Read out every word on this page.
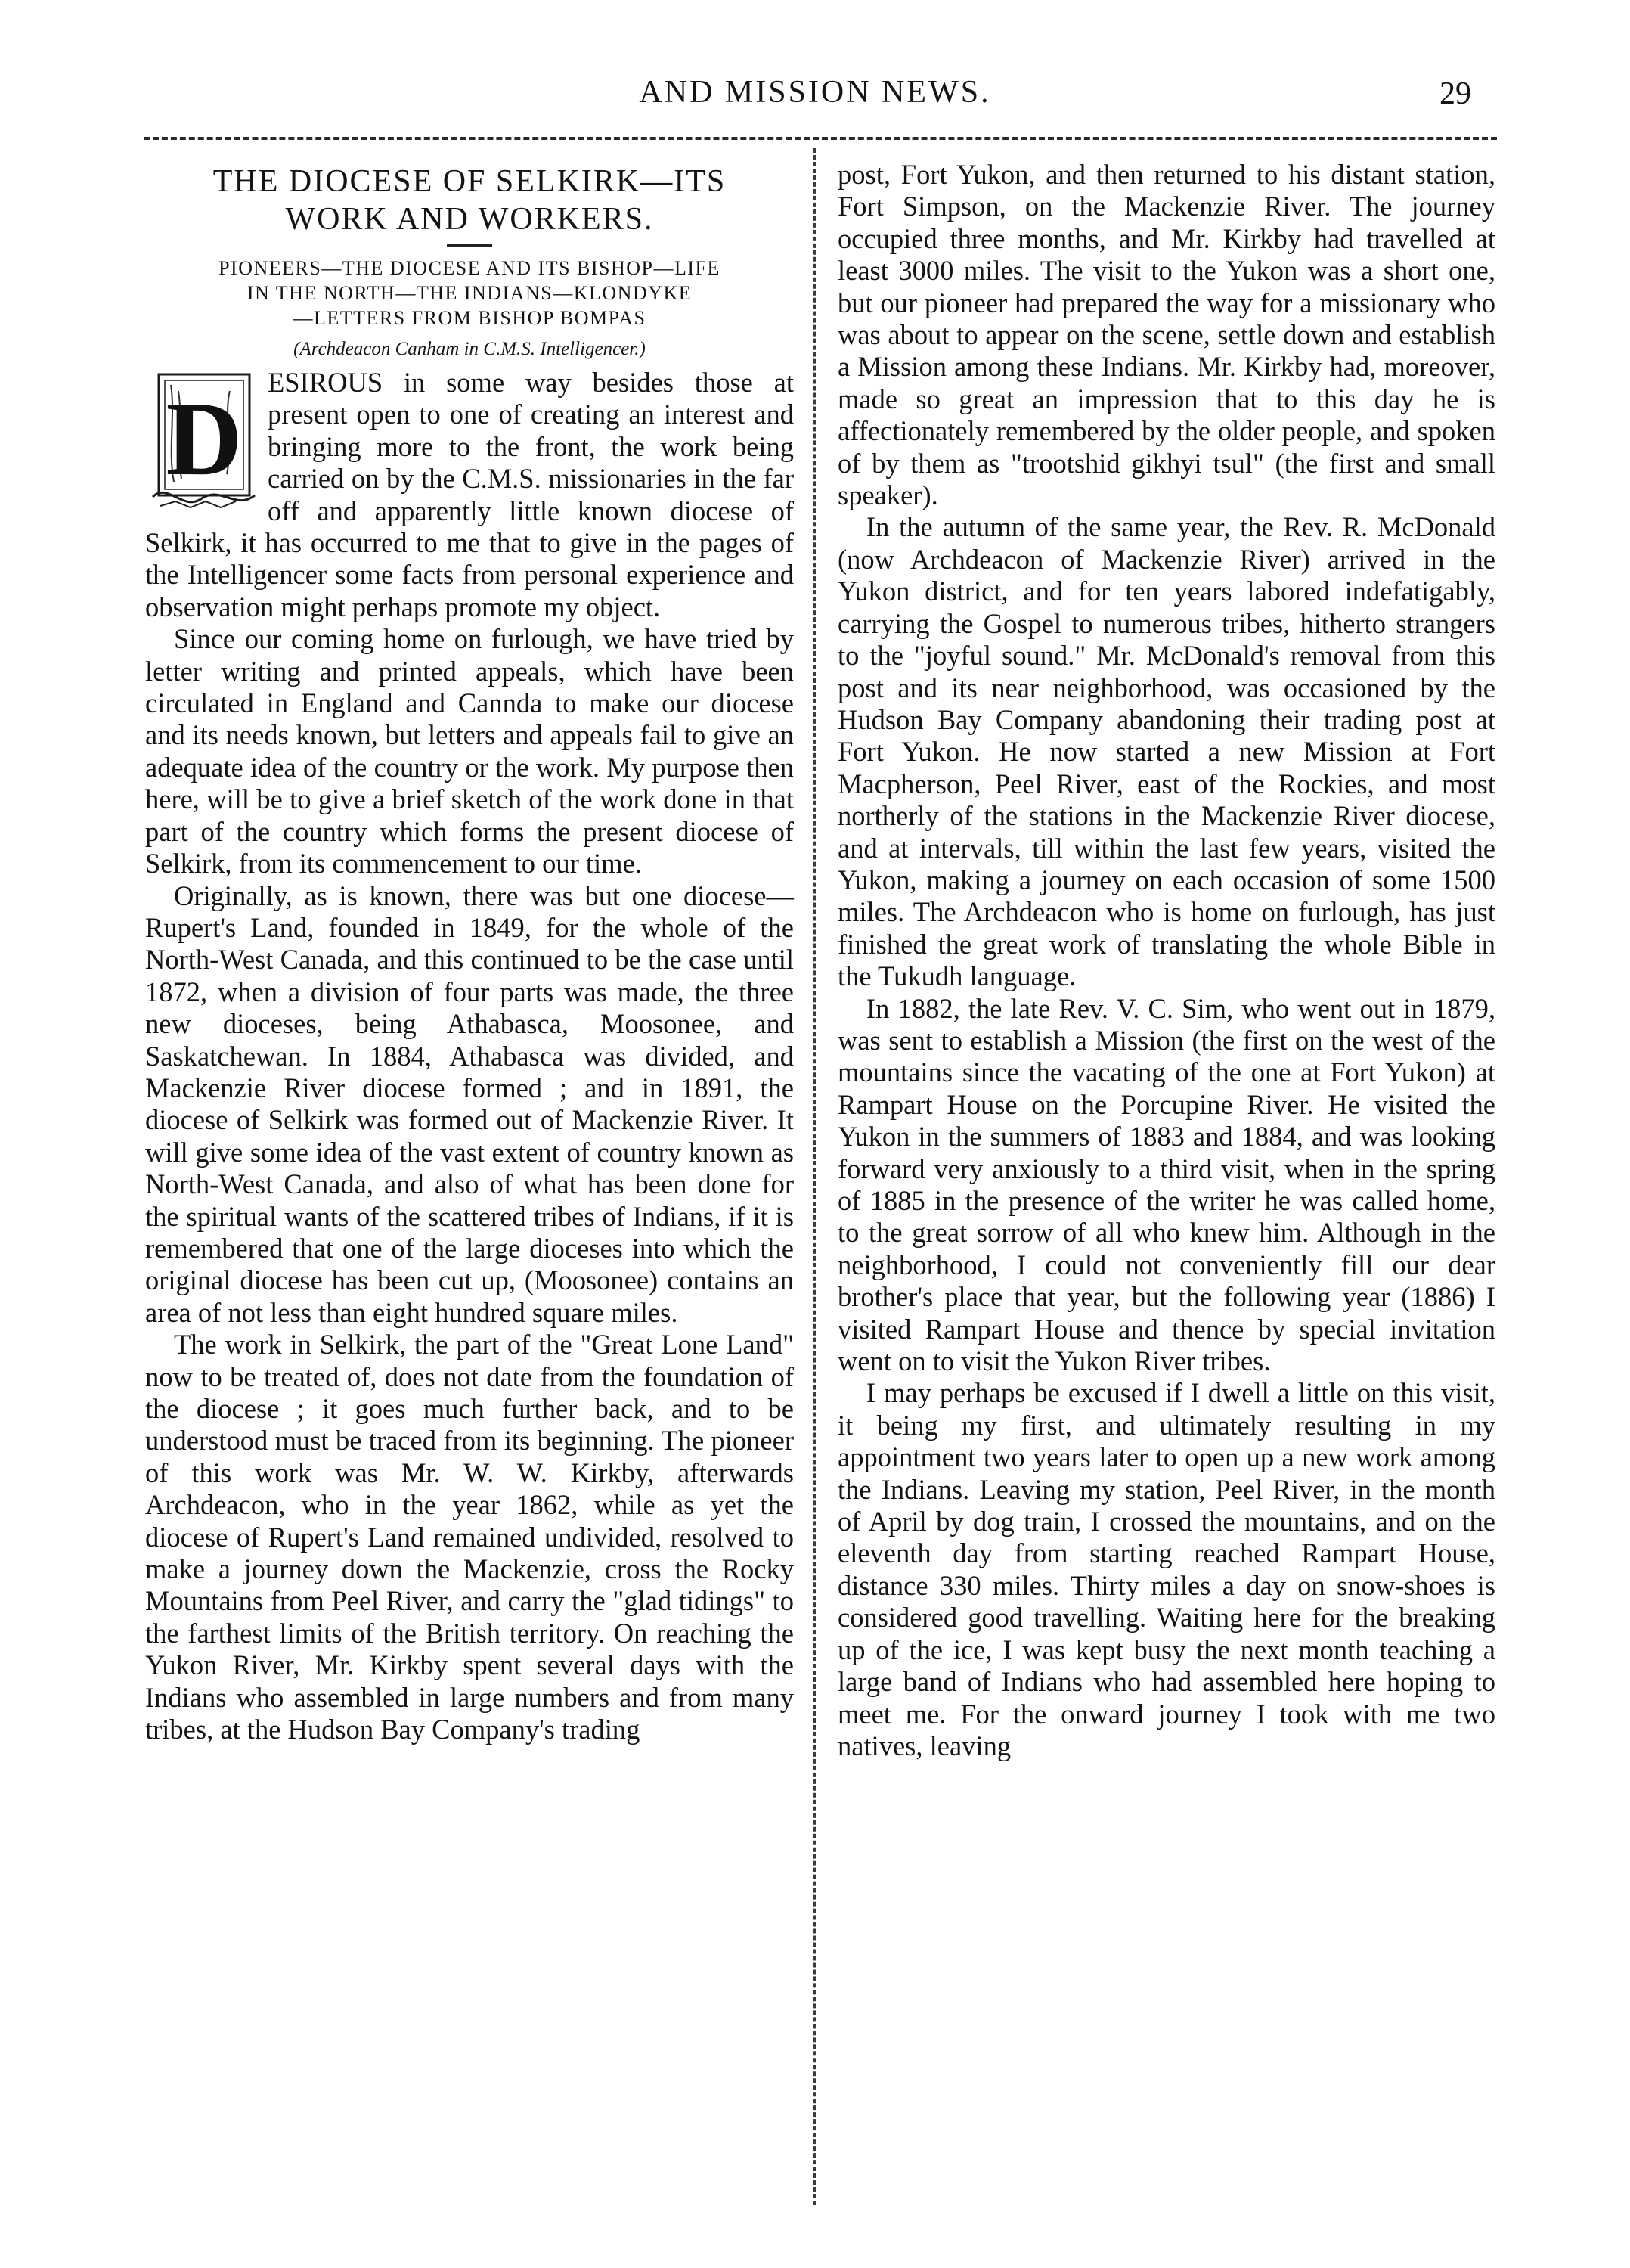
AND MISSION NEWS.	29
THE DIOCESE OF SELKIRK—ITS
WORK AND WORKERS.
PIONEERS—THE DIOCESE AND ITS BISHOP—LIFE
IN THE NORTH—THE INDIANS—KLONDYKE
—LETTERS FROM BISHOP BOMPAS
(Archdeacon Canham in C.M.S. Intelligencer.)
D ESIROUS in some way besides those at present open to one of creating an interest and bringing more to the front, the work being carried on by the C.M.S. missionaries in the far off and apparently little known diocese of Selkirk, it has occurred to me that to give in the pages of the Intelligencer some facts from personal experience and observation might perhaps promote my object.

Since our coming home on furlough, we have tried by letter writing and printed appeals, which have been circulated in England and Cannda to make our diocese and its needs known, but letters and appeals fail to give an adequate idea of the country or the work. My purpose then here, will be to give a brief sketch of the work done in that part of the country which forms the present diocese of Selkirk, from its commencement to our time.

Originally, as is known, there was but one diocese—Rupert's Land, founded in 1849, for the whole of the North-West Canada, and this continued to be the case until 1872, when a division of four parts was made, the three new dioceses, being Athabasca, Moosonee, and Saskatchewan. In 1884, Athabasca was divided, and Mackenzie River diocese formed ; and in 1891, the diocese of Selkirk was formed out of Mackenzie River. It will give some idea of the vast extent of country known as North-West Canada, and also of what has been done for the spiritual wants of the scattered tribes of Indians, if it is remembered that one of the large dioceses into which the original diocese has been cut up, (Moosonee) contains an area of not less than eight hundred square miles.

The work in Selkirk, the part of the "Great Lone Land" now to be treated of, does not date from the foundation of the diocese ; it goes much further back, and to be understood must be traced from its beginning. The pioneer of this work was Mr. W. W. Kirkby, afterwards Archdeacon, who in the year 1862, while as yet the diocese of Rupert's Land remained undivided, resolved to make a journey down the Mackenzie, cross the Rocky Mountains from Peel River, and carry the "glad tidings" to the farthest limits of the British territory. On reaching the Yukon River, Mr. Kirkby spent several days with the Indians who assembled in large numbers and from many tribes, at the Hudson Bay Company's trading

post, Fort Yukon, and then returned to his distant station, Fort Simpson, on the Mackenzie River. The journey occupied three months, and Mr. Kirkby had travelled at least 3000 miles. The visit to the Yukon was a short one, but our pioneer had prepared the way for a missionary who was about to appear on the scene, settle down and establish a Mission among these Indians. Mr. Kirkby had, moreover, made so great an impression that to this day he is affectionately remembered by the older people, and spoken of by them as "trootshid gikhyi tsul" (the first and small speaker).

In the autumn of the same year, the Rev. R. McDonald (now Archdeacon of Mackenzie River) arrived in the Yukon district, and for ten years labored indefatigably, carrying the Gospel to numerous tribes, hitherto strangers to the "joyful sound." Mr. McDonald's removal from this post and its near neighborhood, was occasioned by the Hudson Bay Company abandoning their trading post at Fort Yukon. He now started a new Mission at Fort Macpherson, Peel River, east of the Rockies, and most northerly of the stations in the Mackenzie River diocese, and at intervals, till within the last few years, visited the Yukon, making a journey on each occasion of some 1500 miles. The Archdeacon who is home on furlough, has just finished the great work of translating the whole Bible in the Tukudh language.

In 1882, the late Rev. V. C. Sim, who went out in 1879, was sent to establish a Mission (the first on the west of the mountains since the vacating of the one at Fort Yukon) at Rampart House on the Porcupine River. He visited the Yukon in the summers of 1883 and 1884, and was looking forward very anxiously to a third visit, when in the spring of 1885 in the presence of the writer he was called home, to the great sorrow of all who knew him. Although in the neighborhood, I could not conveniently fill our dear brother's place that year, but the following year (1886) I visited Rampart House and thence by special invitation went on to visit the Yukon River tribes.

I may perhaps be excused if I dwell a little on this visit, it being my first, and ultimately resulting in my appointment two years later to open up a new work among the Indians. Leaving my station, Peel River, in the month of April by dog train, I crossed the mountains, and on the eleventh day from starting reached Rampart House, distance 330 miles. Thirty miles a day on snow-shoes is considered good travelling. Waiting here for the breaking up of the ice, I was kept busy the next month teaching a large band of Indians who had assembled here hoping to meet me. For the onward journey I took with me two natives, leaving
